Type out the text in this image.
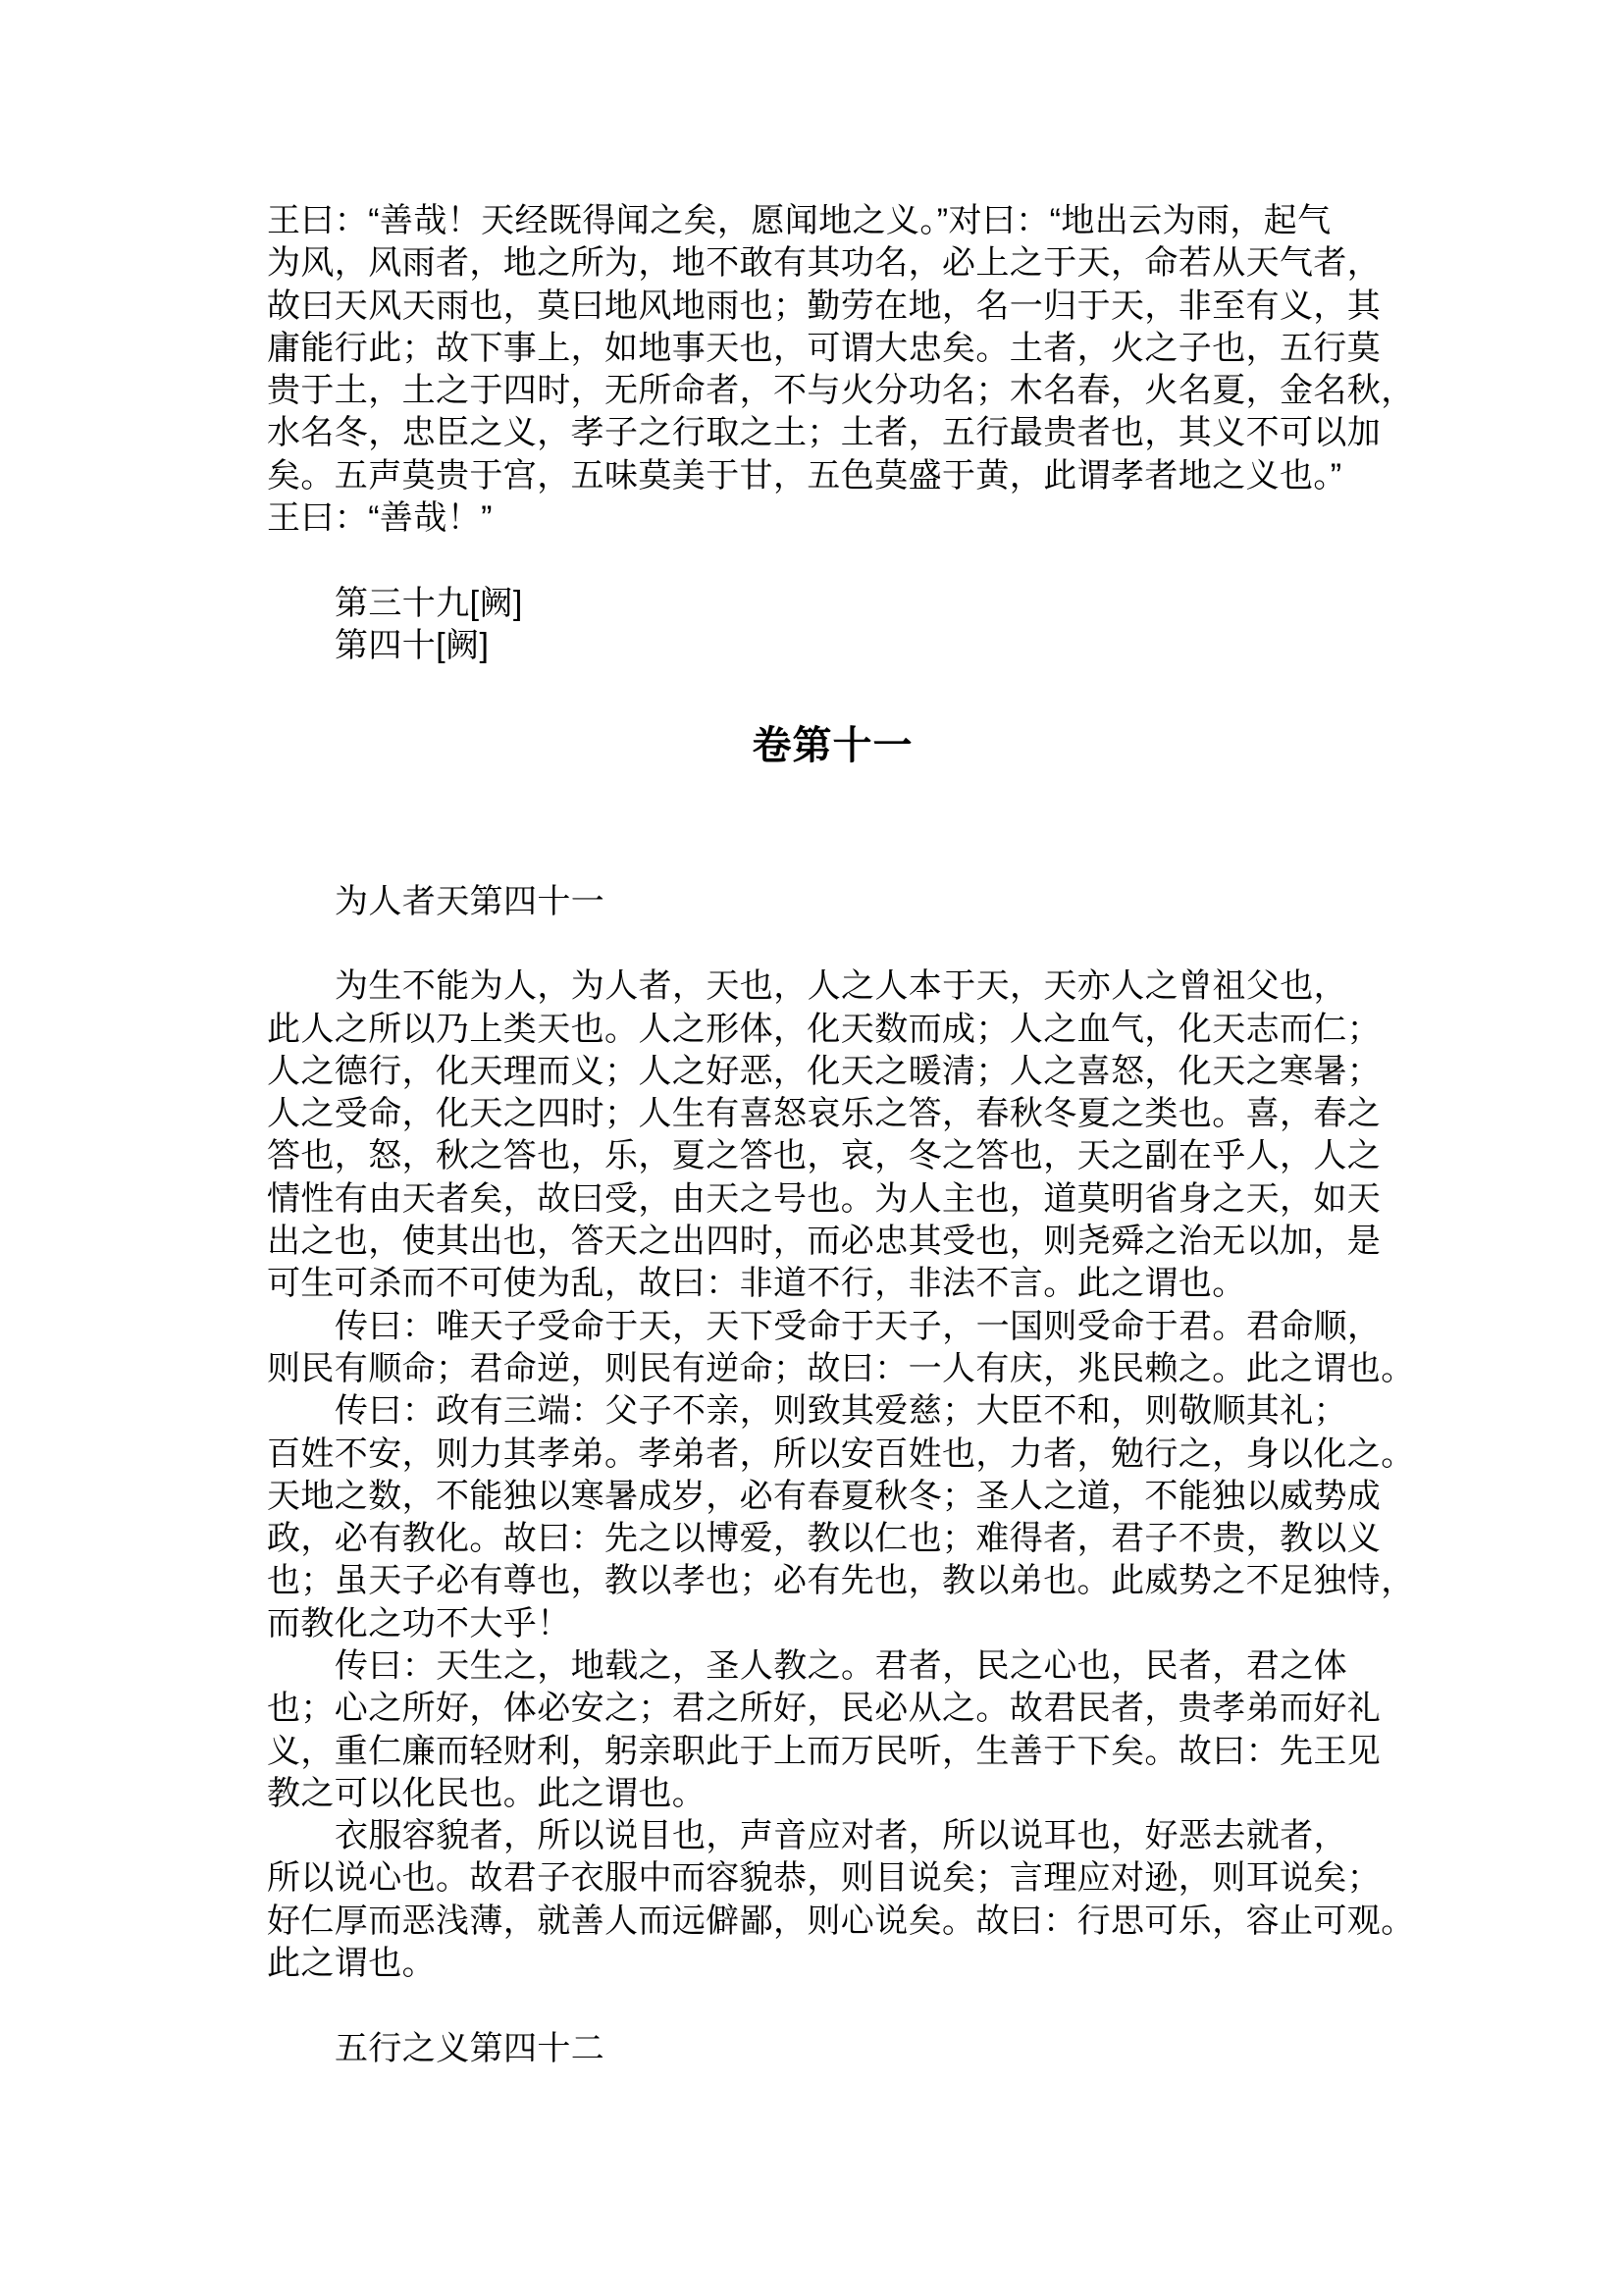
王曰：“善哉！天经既得闻之矣，愿闻地之义。”对曰：“地出云为雨，起气
为风，风雨者，地之所为，地不敢有其功名，必上之于天，命若从天气者，
故曰天风天雨也，莫曰地风地雨也；勤劳在地，名一归于天，非至有义，其
庸能行此；故下事上，如地事天也，可谓大忠矣。土者，火之子也，五行莫
贵于土，土之于四时，无所命者，不与火分功名；木名春，火名夏，金名秋，
水名冬，忠臣之义，孝子之行取之土；土者，五行最贵者也，其义不可以加
矣。五声莫贵于宫，五味莫美于甘，五色莫盛于黄，此谓孝者地之义也。”
王曰：“善哉！”
第三十九[阙]
第四十[阙]
卷第十一
为人者天第四十一
为生不能为人，为人者，天也，人之人本于天，天亦人之曾祖父也，
此人之所以乃上类天也。人之形体，化天数而成；人之血气，化天志而仁；
人之德行，化天理而义；人之好恶，化天之暖清；人之喜怒，化天之寒暑；
人之受命，化天之四时；人生有喜怒哀乐之答，春秋冬夏之类也。喜，春之
答也，怒，秋之答也，乐，夏之答也，哀，冬之答也，天之副在乎人，人之
情性有由天者矣，故曰受，由天之号也。为人主也，道莫明省身之天，如天
出之也，使其出也，答天之出四时，而必忠其受也，则尧舜之治无以加，是
可生可杀而不可使为乱，故曰：非道不行，非法不言。此之谓也。
传曰：唯天子受命于天，天下受命于天子，一国则受命于君。君命顺，
则民有顺命；君命逆，则民有逆命；故曰：一人有庆，兆民赖之。此之谓也。
传曰：政有三端：父子不亲，则致其爱慈；大臣不和，则敬顺其礼；
百姓不安，则力其孝弟。孝弟者，所以安百姓也，力者，勉行之，身以化之。
天地之数，不能独以寒暑成岁，必有春夏秋冬；圣人之道，不能独以威势成
政，必有教化。故曰：先之以博爱，教以仁也；难得者，君子不贵，教以义
也；虽天子必有尊也，教以孝也；必有先也，教以弟也。此威势之不足独恃，
而教化之功不大乎！
传曰：天生之，地载之，圣人教之。君者，民之心也，民者，君之体
也；心之所好，体必安之；君之所好，民必从之。故君民者，贵孝弟而好礼
义，重仁廉而轻财利，躬亲职此于上而万民听，生善于下矣。故曰：先王见
教之可以化民也。此之谓也。
衣服容貌者，所以说目也，声音应对者，所以说耳也，好恶去就者，
所以说心也。故君子衣服中而容貌恭，则目说矣；言理应对逊，则耳说矣；
好仁厚而恶浅薄，就善人而远僻鄙，则心说矣。故曰：行思可乐，容止可观。
此之谓也。
五行之义第四十二
